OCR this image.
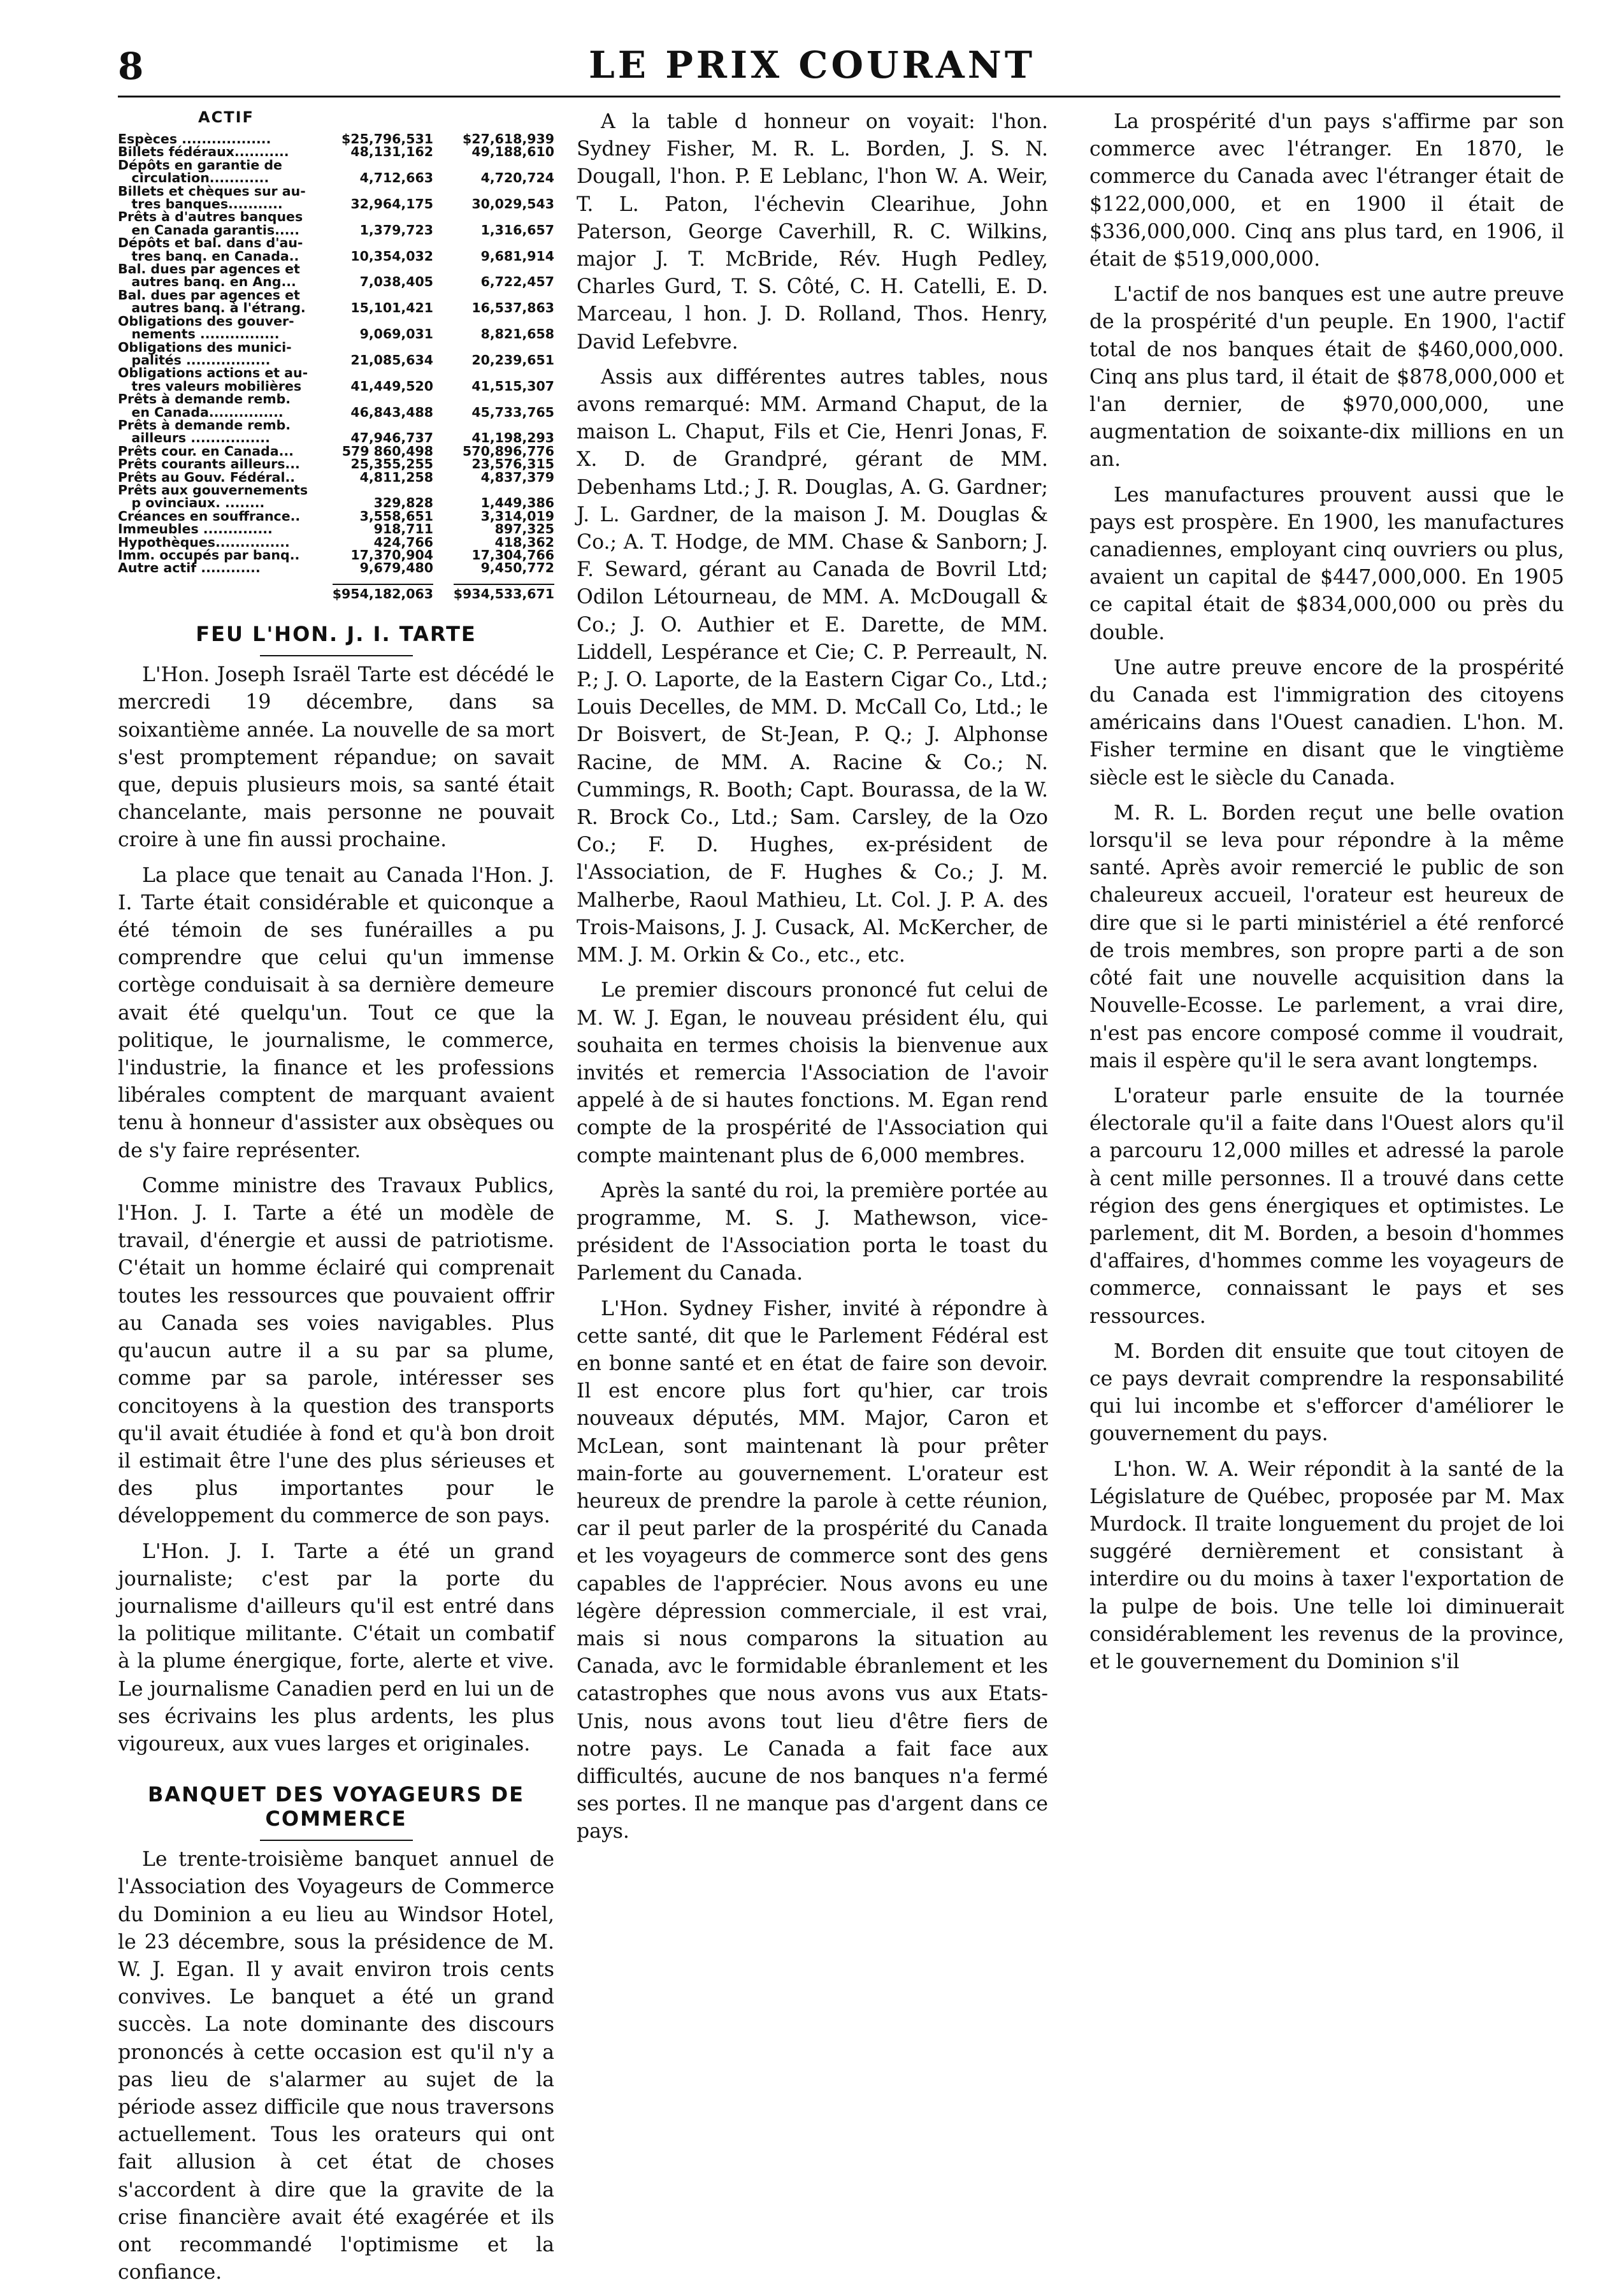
8	LE PRIX COURANT
ACTIF
Espèces ..................	$25,796,531	$27,618,939
Billets fédéraux...........	48,131,162	49,188,610
Dépôts en garantie de		
circulation............	4,712,663	4,720,724
Billets et chèques sur au-		
tres banques...........	32,964,175	30,029,543
Prêts à d'autres banques		
en Canada garantis.....	1,379,723	1,316,657
Dépôts et bal. dans d'au-		
tres banq. en Canada..	10,354,032	9,681,914
Bal. dues par agences et		
autres banq. en Ang...	7,038,405	6,722,457
Bal. dues par agences et		
autres banq. à l'étrang.	15,101,421	16,537,863
Obligations des gouver-		
nements ................	9,069,031	8,821,658
Obligations des munici-		
palités .................	21,085,634	20,239,651
Obligations actions et au-		
tres valeurs mobilières	41,449,520	41,515,307
Prêts à demande remb.		
en Canada...............	46,843,488	45,733,765
Prêts à demande remb.		
ailleurs ................	47,946,737	41,198,293
Prêts cour. en Canada...	579 860,498	570,896,776
Prêts courants ailleurs...	25,355,255	23,576,315
Prêts au Gouv. Fédéral..	4,811,258	4,837,379
Prêts aux gouvernements		
p ovinciaux. ........	329,828	1,449,386
Créances en souffrance..	3,558,651	3,314,019
Immeubles ..............	918,711	897,325
Hypothèques...............	424,766	418,362
Imm. occupés par banq..	17,370,904	17,304,766
Autre actif ............	9,679,480	9,450,772
	$954,182,063	$934,533,671
FEU L'HON. J. I. TARTE

L'Hon. Joseph Israël Tarte est décédé le mercredi 19 décembre, dans sa soixantième année. La nouvelle de sa mort s'est promptement répandue; on savait que, depuis plusieurs mois, sa santé était chancelante, mais personne ne pouvait croire à une fin aussi prochaine.

La place que tenait au Canada l'Hon. J. I. Tarte était considérable et quiconque a été témoin de ses funérailles a pu comprendre que celui qu'un immense cortège conduisait à sa dernière demeure avait été quelqu'un. Tout ce que la politique, le journalisme, le commerce, l'industrie, la finance et les professions libérales comptent de marquant avaient tenu à honneur d'assister aux obsèques ou de s'y faire représenter.

Comme ministre des Travaux Publics, l'Hon. J. I. Tarte a été un modèle de travail, d'énergie et aussi de patriotisme. C'était un homme éclairé qui comprenait toutes les ressources que pouvaient offrir au Canada ses voies navigables. Plus qu'aucun autre il a su par sa plume, comme par sa parole, intéresser ses concitoyens à la question des transports qu'il avait étudiée à fond et qu'à bon droit il estimait être l'une des plus sérieuses et des plus importantes pour le développement du commerce de son pays.

L'Hon. J. I. Tarte a été un grand journaliste; c'est par la porte du journalisme d'ailleurs qu'il est entré dans la politique militante. C'était un combatif à la plume énergique, forte, alerte et vive. Le journalisme Canadien perd en lui un de ses écrivains les plus ardents, les plus vigoureux, aux vues larges et originales.

BANQUET DES VOYAGEURS DE COMMERCE

Le trente-troisième banquet annuel de l'Association des Voyageurs de Commerce du Dominion a eu lieu au Windsor Hotel, le 23 décembre, sous la présidence de M. W. J. Egan. Il y avait environ trois cents convives. Le banquet a été un grand succès. La note dominante des discours prononcés à cette occasion est qu'il n'y a pas lieu de s'alarmer au sujet de la période assez difficile que nous traversons actuellement. Tous les orateurs qui ont fait allusion à cet état de choses s'accordent à dire que la gravite de la crise financière avait été exagérée et ils ont recommandé l'optimisme et la confiance.

A la table d honneur on voyait: l'hon. Sydney Fisher, M. R. L. Borden, J. S. N. Dougall, l'hon. P. E Leblanc, l'hon W. A. Weir, T. L. Paton, l'échevin Clearihue, John Paterson, George Caverhill, R. C. Wilkins, major J. T. McBride, Rév. Hugh Pedley, Charles Gurd, T. S. Côté, C. H. Catelli, E. D. Marceau, l hon. J. D. Rolland, Thos. Henry, David Lefebvre.

Assis aux différentes autres tables, nous avons remarqué: MM. Armand Chaput, de la maison L. Chaput, Fils et Cie, Henri Jonas, F. X. D. de Grandpré, gérant de MM. Debenhams Ltd.; J. R. Douglas, A. G. Gardner; J. L. Gardner, de la maison J. M. Douglas & Co.; A. T. Hodge, de MM. Chase & Sanborn; J. F. Seward, gérant au Canada de Bovril Ltd; Odilon Létourneau, de MM. A. McDougall & Co.; J. O. Authier et E. Darette, de MM. Liddell, Lespérance et Cie; C. P. Perreault, N. P.; J. O. Laporte, de la Eastern Cigar Co., Ltd.; Louis Decelles, de MM. D. McCall Co, Ltd.; le Dr Boisvert, de St-Jean, P. Q.; J. Alphonse Racine, de MM. A. Racine & Co.; N. Cummings, R. Booth; Capt. Bourassa, de la W. R. Brock Co., Ltd.; Sam. Carsley, de la Ozo Co.; F. D. Hughes, ex-président de l'Association, de F. Hughes & Co.; J. M. Malherbe, Raoul Mathieu, Lt. Col. J. P. A. des Trois-Maisons, J. J. Cusack, Al. McKercher, de MM. J. M. Orkin & Co., etc., etc.

Le premier discours prononcé fut celui de M. W. J. Egan, le nouveau président élu, qui souhaita en termes choisis la bienvenue aux invités et remercia l'Association de l'avoir appelé à de si hautes fonctions. M. Egan rend compte de la prospérité de l'Association qui compte maintenant plus de 6,000 membres.

Après la santé du roi, la première portée au programme, M. S. J. Mathewson, vice-président de l'Association porta le toast du Parlement du Canada.

L'Hon. Sydney Fisher, invité à répondre à cette santé, dit que le Parlement Fédéral est en bonne santé et en état de faire son devoir. Il est encore plus fort qu'hier, car trois nouveaux députés, MM. Major, Caron et McLean, sont maintenant là pour prêter main-forte au gouvernement. L'orateur est heureux de prendre la parole à cette réunion, car il peut parler de la prospérité du Canada et les voyageurs de commerce sont des gens capables de l'apprécier. Nous avons eu une légère dépression commerciale, il est vrai, mais si nous comparons la situation au Canada, avc le formidable ébranlement et les catastrophes que nous avons vus aux Etats-Unis, nous avons tout lieu d'être fiers de notre pays. Le Canada a fait face aux difficultés, aucune de nos banques n'a fermé ses portes. Il ne manque pas d'argent dans ce pays.

La prospérité d'un pays s'affirme par son commerce avec l'étranger. En 1870, le commerce du Canada avec l'étranger était de $122,000,000, et en 1900 il était de $336,000,000. Cinq ans plus tard, en 1906, il était de $519,000,000.

L'actif de nos banques est une autre preuve de la prospérité d'un peuple. En 1900, l'actif total de nos banques était de $460,000,000. Cinq ans plus tard, il était de $878,000,000 et l'an dernier, de $970,000,000, une augmentation de soixante-dix millions en un an.

Les manufactures prouvent aussi que le pays est prospère. En 1900, les manufactures canadiennes, employant cinq ouvriers ou plus, avaient un capital de $447,000,000. En 1905 ce capital était de $834,000,000 ou près du double.

Une autre preuve encore de la prospérité du Canada est l'immigration des citoyens américains dans l'Ouest canadien. L'hon. M. Fisher termine en disant que le vingtième siècle est le siècle du Canada.

M. R. L. Borden reçut une belle ovation lorsqu'il se leva pour répondre à la même santé. Après avoir remercié le public de son chaleureux accueil, l'orateur est heureux de dire que si le parti ministériel a été renforcé de trois membres, son propre parti a de son côté fait une nouvelle acquisition dans la Nouvelle-Ecosse. Le parlement, a vrai dire, n'est pas encore composé comme il voudrait, mais il espère qu'il le sera avant longtemps.

L'orateur parle ensuite de la tournée électorale qu'il a faite dans l'Ouest alors qu'il a parcouru 12,000 milles et adressé la parole à cent mille personnes. Il a trouvé dans cette région des gens énergiques et optimistes. Le parlement, dit M. Borden, a besoin d'hommes d'affaires, d'hommes comme les voyageurs de commerce, connaissant le pays et ses ressources.

M. Borden dit ensuite que tout citoyen de ce pays devrait comprendre la responsabilité qui lui incombe et s'efforcer d'améliorer le gouvernement du pays.

L'hon. W. A. Weir répondit à la santé de la Législature de Québec, proposée par M. Max Murdock. Il traite longuement du projet de loi suggéré dernièrement et consistant à interdire ou du moins à taxer l'exportation de la pulpe de bois. Une telle loi diminuerait considérablement les revenus de la province, et le gouvernement du Dominion s'il
